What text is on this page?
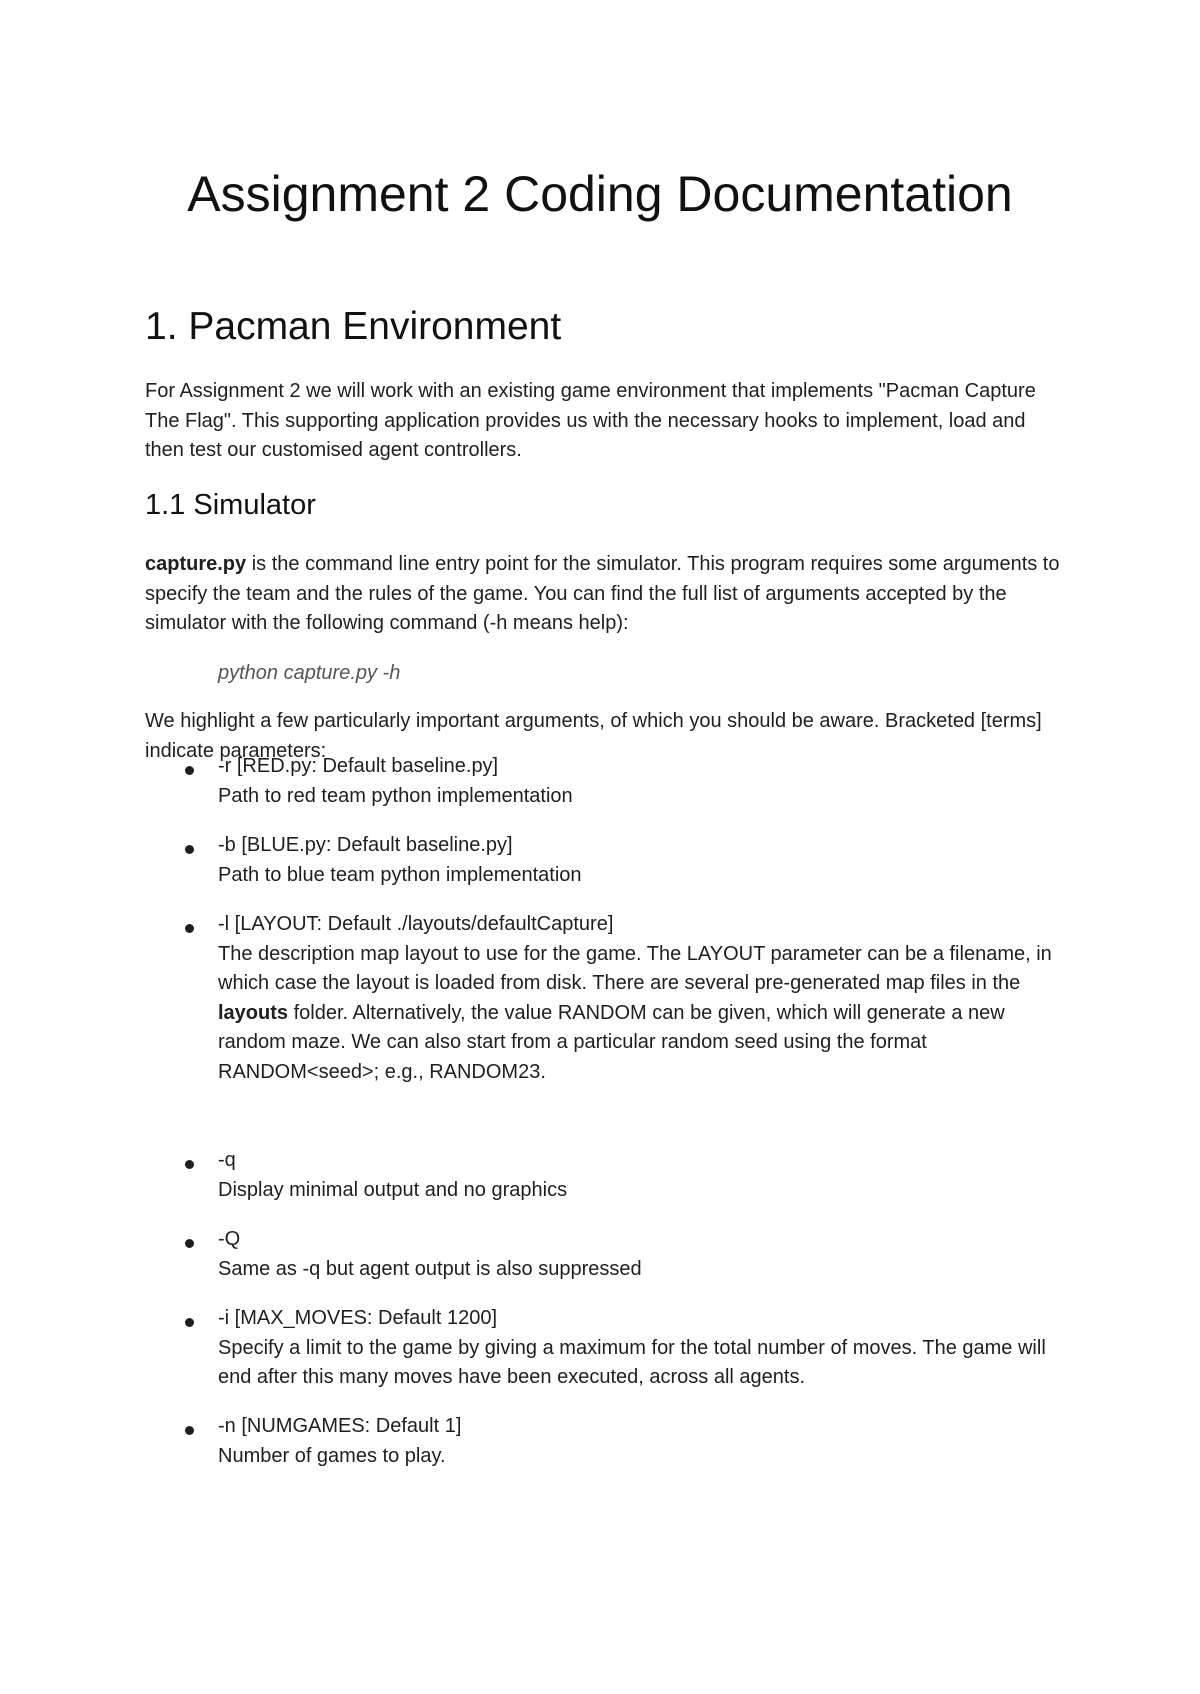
Assignment 2 Coding Documentation
1. Pacman Environment

For Assignment 2 we will work with an existing game environment that implements "Pacman Capture The Flag". This supporting application provides us with the necessary hooks to implement, load and then test our customised agent controllers.

1.1 Simulator

capture.py is the command line entry point for the simulator. This program requires some arguments to specify the team and the rules of the game. You can find the full list of arguments accepted by the simulator with the following command (-h means help):

python capture.py -h

We highlight a few particularly important arguments, of which you should be aware. Bracketed [terms] indicate parameters:

-r [RED.py: Default baseline.py]
Path to red team python implementation
-b [BLUE.py: Default baseline.py]
Path to blue team python implementation
-l [LAYOUT: Default ./layouts/defaultCapture]
The description map layout to use for the game. The LAYOUT parameter can be a filename, in which case the layout is loaded from disk. There are several pre-generated map files in the layouts folder. Alternatively, the value RANDOM can be given, which will generate a new random maze. We can also start from a particular random seed using the format RANDOM<seed>; e.g., RANDOM23.
-q
Display minimal output and no graphics
-Q
Same as -q but agent output is also suppressed
-i [MAX_MOVES: Default 1200]
Specify a limit to the game by giving a maximum for the total number of moves. The game will end after this many moves have been executed, across all agents.
-n [NUMGAMES: Default 1]
Number of games to play.
